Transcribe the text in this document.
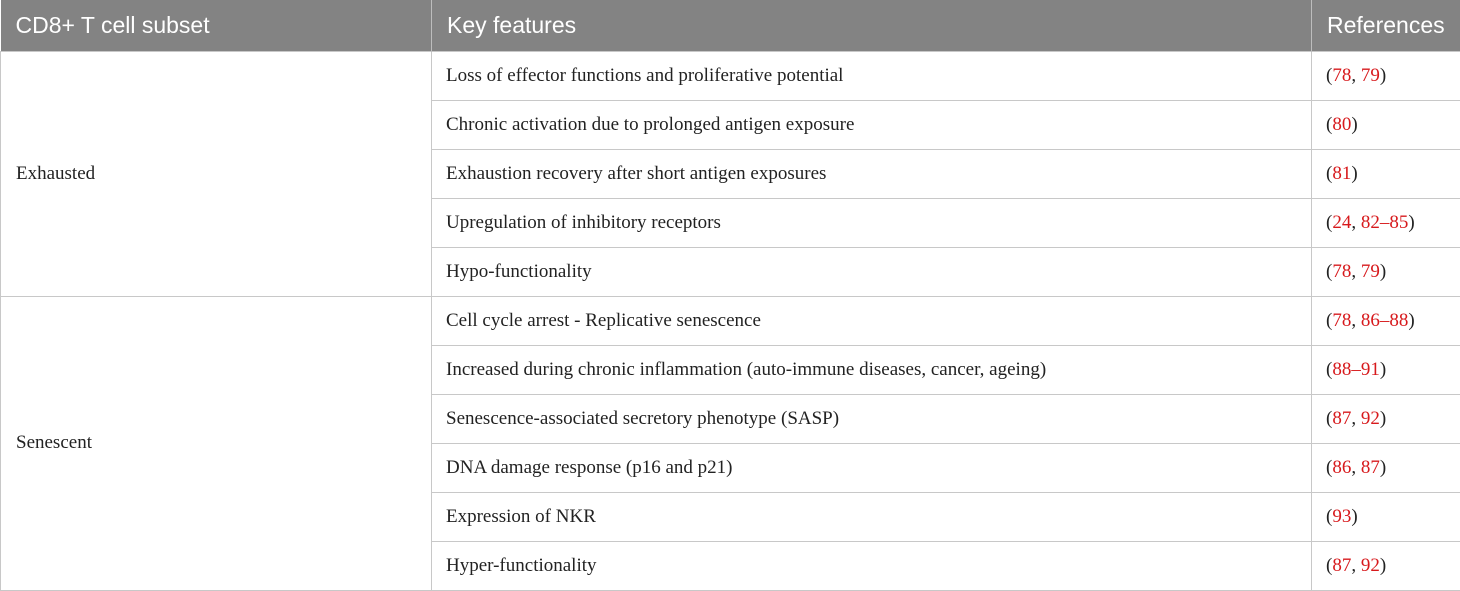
CD8+ T cell subset	Key features	References
Exhausted	Loss of effector functions and proliferative potential	(78, 79)
	Chronic activation due to prolonged antigen exposure	(80)
	Exhaustion recovery after short antigen exposures	(81)
	Upregulation of inhibitory receptors	(24, 82–85)
	Hypo-functionality	(78, 79)
Senescent	Cell cycle arrest - Replicative senescence	(78, 86–88)
	Increased during chronic inflammation (auto-immune diseases, cancer, ageing)	(88–91)
	Senescence-associated secretory phenotype (SASP)	(87, 92)
	DNA damage response (p16 and p21)	(86, 87)
	Expression of NKR	(93)
	Hyper-functionality	(87, 92)
